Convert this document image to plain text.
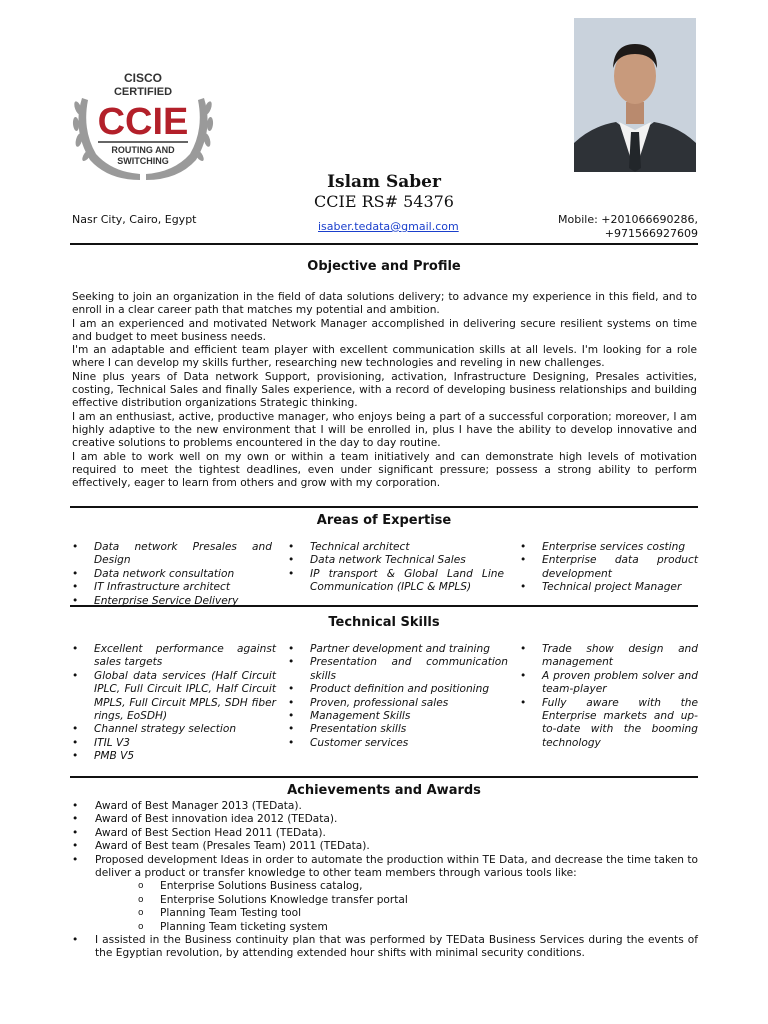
CISCO
CERTIFIED
CCIE
ROUTING AND
SWITCHING
Islam Saber
CCIE RS# 54376
Nasr City, Cairo, Egypt
isaber.tedata@gmail.com
Mobile: +201066690286,
+971566927609
Objective and Profile

Seeking to join an organization in the field of data solutions delivery; to advance my experience in this field, and to enroll in a clear career path that matches my potential and ambition.

I am an experienced and motivated Network Manager accomplished in delivering secure resilient systems on time and budget to meet business needs.

I'm an adaptable and efficient team player with excellent communication skills at all levels. I'm looking for a role where I can develop my skills further, researching new technologies and reveling in new challenges.

Nine plus years of Data network Support, provisioning, activation, Infrastructure Designing, Presales activities, costing, Technical Sales and finally Sales experience, with a record of developing business relationships and building effective distribution organizations Strategic thinking.

I am an enthusiast, active, productive manager, who enjoys being a part of a successful corporation; moreover, I am highly adaptive to the new environment that I will be enrolled in, plus I have the ability to develop innovative and creative solutions to problems encountered in the day to day routine.

I am able to work well on my own or within a team initiatively and can demonstrate high levels of motivation required to meet the tightest deadlines, even under significant pressure; possess a strong ability to perform effectively, eager to learn from others and grow with my corporation.

Areas of Expertise
• Data network Presales and Design
• Data network consultation
• IT Infrastructure architect
• Enterprise Service Delivery
• Technical architect
• Data network Technical Sales
• IP transport & Global Land Line Communication (IPLC & MPLS)
• Enterprise services costing
• Enterprise data product development
• Technical project Manager
Technical Skills
• Excellent performance against sales targets
• Global data services (Half Circuit IPLC, Full Circuit IPLC, Half Circuit MPLS, Full Circuit MPLS, SDH fiber rings, EoSDH)
• Channel strategy selection
• ITIL V3
• PMB V5
• Partner development and training
• Presentation and communication skills
• Product definition and positioning
• Proven, professional sales
• Management Skills
• Presentation skills
• Customer services
• Trade show design and management
• A proven problem solver and team-player
• Fully aware with the Enterprise markets and up-to-date with the booming technology
Achievements and Awards
• Award of Best Manager 2013 (TEData).
• Award of Best innovation idea 2012 (TEData).
• Award of Best Section Head 2011 (TEData).
• Award of Best team (Presales Team) 2011 (TEData).
• Proposed development Ideas in order to automate the production within TE Data, and decrease the time taken to deliver a product or transfer knowledge to other team members through various tools like:
o Enterprise Solutions Business catalog,
o Enterprise Solutions Knowledge transfer portal
o Planning Team Testing tool
o Planning Team ticketing system
• I assisted in the Business continuity plan that was performed by TEData Business Services during the events of the Egyptian revolution, by attending extended hour shifts with minimal security conditions.
